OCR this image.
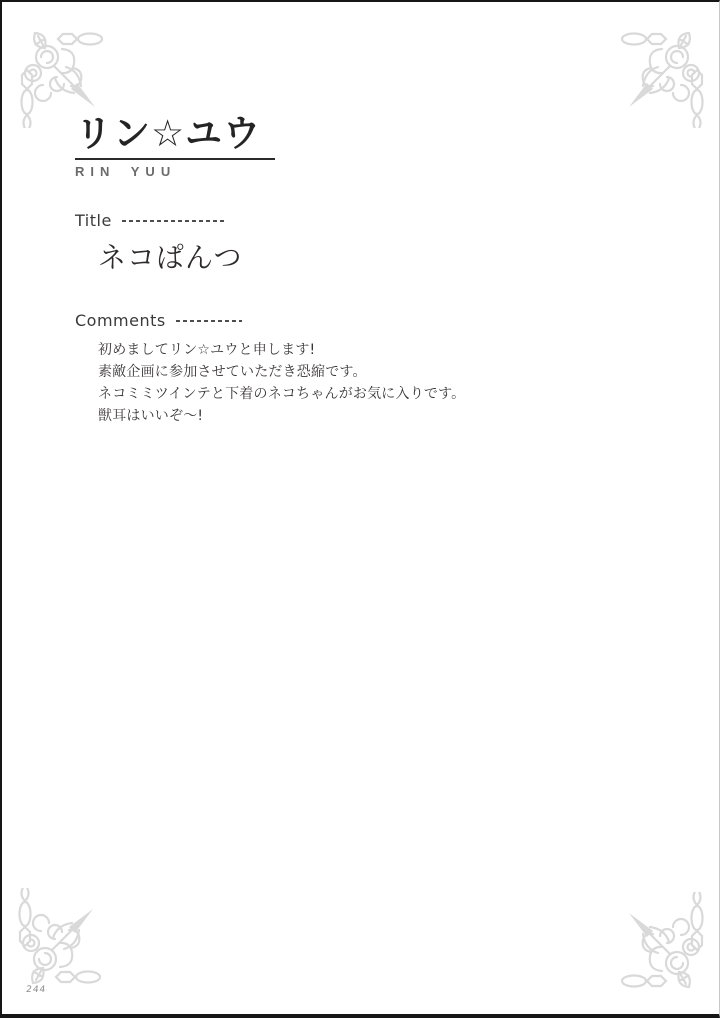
リン☆ユウ
RIN YUU
Title
ネコぱんつ
Comments

初めましてリン☆ユウと申します!

素敵企画に参加させていただき恐縮です。

ネコミミツインテと下着のネコちゃんがお気に入りです。

獣耳はいいぞ～!

244
